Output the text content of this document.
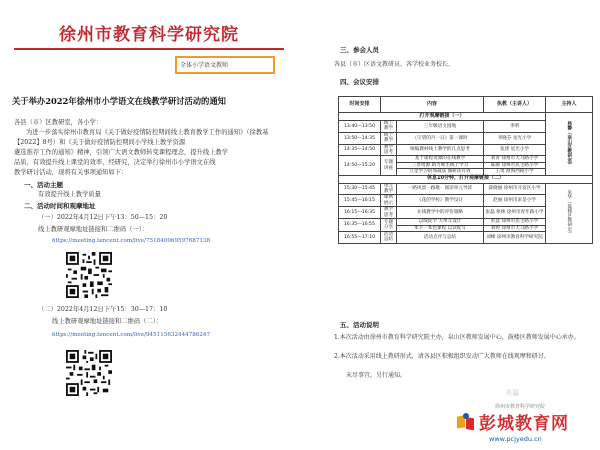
徐州市教育科学研究院
关于举办2022年徐州市小学语文在线教学研讨活动的通知
各县（市）区教研室，各小学：
为进一步落实徐州市教育局《关于做好疫情防控期间线上教育教学工作的通知》（徐教基【2022】8号）和《关于做好疫情防控期间小学线上教学资源
遴选推荐工作的通知》精神，引领广大语文教师转变课程理念，提升线上教学
品质，有效提升线上课堂的效率，经研究，决定举行徐州市小学语文在线
教学研讨活动，现将有关事项通知如下：
一、活动主题
有效提升线上教学质量
二、活动时间和观摩地址
（一）2022年4月12日下午13：50—15：20
线上教研观摩地址链接和二维码（一）：
https://meeting.tencent.com/live/751840069597687138
（二）2022年4月12日下午15：30—17：10
线上教研观摩地址链接和二维码（二）：
https://meeting.tencent.com/live/945115632444786247
三、参会人员
各县（市）区语文教研员、各学校业务校长、
全体小学语文教师
四、会议安排
时间安排	内容		执教（主讲人）	主持人
打开观摩链接（一）				杨静（泉山区教研室）
13:40—13:50	线上教学	三年级语文园地	李明	
13:50—14:35	线上教学	《守望的月一日》第一课时	李晓芬 星光小学	
14:35—14:50	教学思考	统编教材线上教学的几点思考	张建 星光小学	
14:50—15:20	专题讲座	基于课程资源的在线教学	刘青 徐州市大马路小学	
		三善资源 助力师生线上学习	陈静 徐州市民主路小学	
		立足学习的加减法 微研读有效	王勇 淮海西路小学	
休息10分钟，打开观摩链接（二）				
15:30—15:45	单元教学	一路风景一路歌：阅读单元导读	薛晓丽 徐州市开发区小学	张华（鼓楼区教研室）
15:45—16:15	课例展示	《花的学校》教学设计	赵丽 徐州市求是小学	
16:15—16:35	教学思考	在线教学中的评价策略	张磊 侯林 徐州市青年路小学	
16:35—16:55	专题分享	以线促学 大单元设计	彭慧 徐州市民主路小学	
		本手一本色课程 以读促写	刘婷 徐州市大马路小学	
16:55—17:10	活动总结	活动点评与总结	刘峰 徐州市教育科学研究院	
五、活动说明
1.本次活动由徐州市教育科学研究院主办，泉山区教师发展中心，鼓楼区教师发展中心承办。
2.本次活动采用线上教研形式，请各县区积极组织发动广大教师在线观摩和研讨。
未尽事宜，另行通知。
美篇
徐州市教育科学研究院
彭城教育网
www.pcjyedu.cn
